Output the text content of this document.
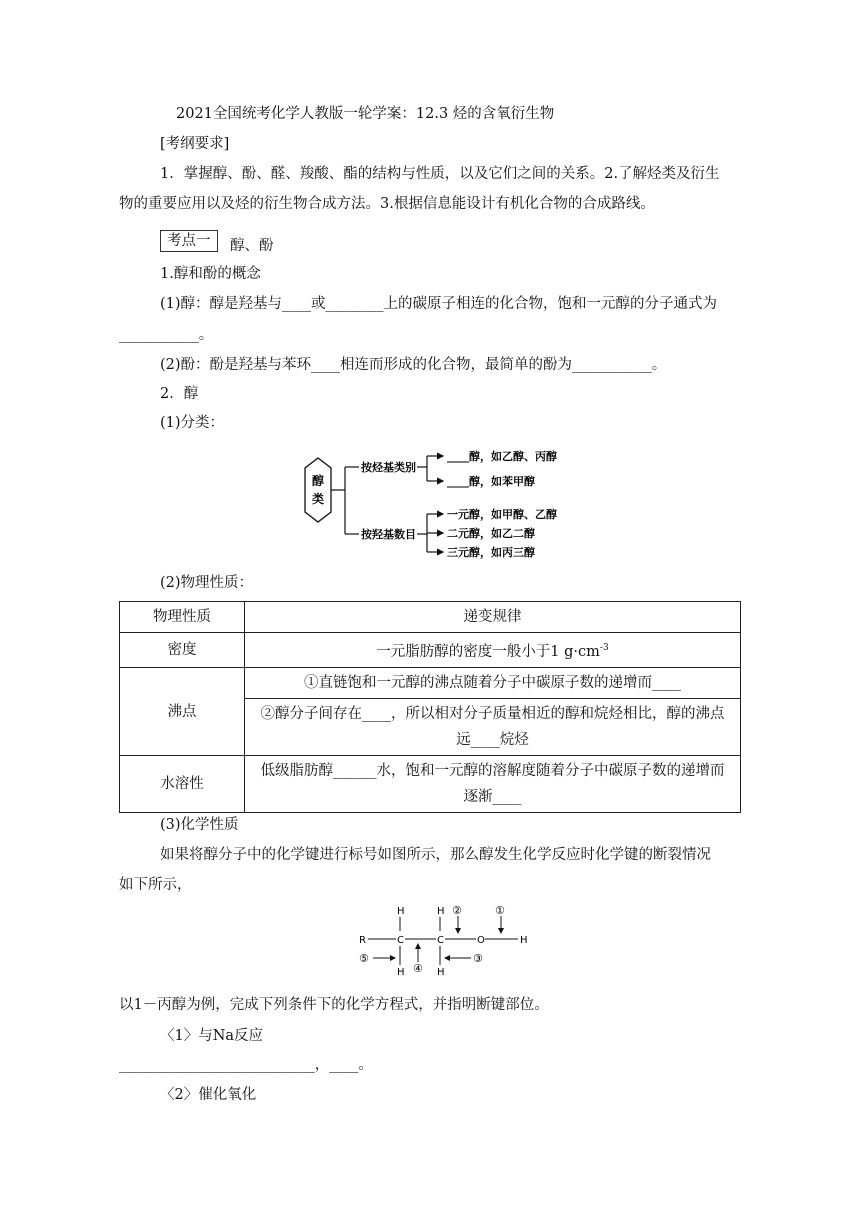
2021全国统考化学人教版一轮学案：12.3 烃的含氧衍生物
[考纲要求]
1．掌握醇、酚、醛、羧酸、酯的结构与性质，以及它们之间的关系。2.了解烃类及衍生
物的重要应用以及烃的衍生物合成方法。3.根据信息能设计有机化合物的合成路线。
考点一	醇、酚
1.醇和酚的概念
(1)醇：醇是羟基与____或________上的碳原子相连的化合物，饱和一元醇的分子通式为
___________。
(2)酚：酚是羟基与苯环____相连而形成的化合物，最简单的酚为___________。
2．醇
(1)分类：
醇
类
按烃基类别
按羟基数目
____醇，如乙醇、丙醇
____醇，如苯甲醇
一元醇，如甲醇、乙醇
二元醇，如乙二醇
三元醇，如丙三醇
(2)物理性质：
物理性质	递变规律
密度	一元脂肪醇的密度一般小于1 $g\cdot cm^{-3}$
沸点	①直链饱和一元醇的沸点随着分子中碳原子数的递增而____

	②醇分子间存在____，所以相对分子质量相近的醇和烷烃相比，醇的沸点
远____烷烃

水溶性	低级脂肪醇______水，饱和一元醇的溶解度随着分子中碳原子数的递增而
逐渐____
(3)化学性质
如果将醇分子中的化学键进行标号如图所示，那么醇发生化学反应时化学键的断裂情况
如下所示，
R	C	C	O	H
H
H
H
H
②	①
③
④
⑤
以1－丙醇为例，完成下列条件下的化学方程式，并指明断键部位。
〈1〉与Na反应
___________________________，____。
〈2〉催化氧化
